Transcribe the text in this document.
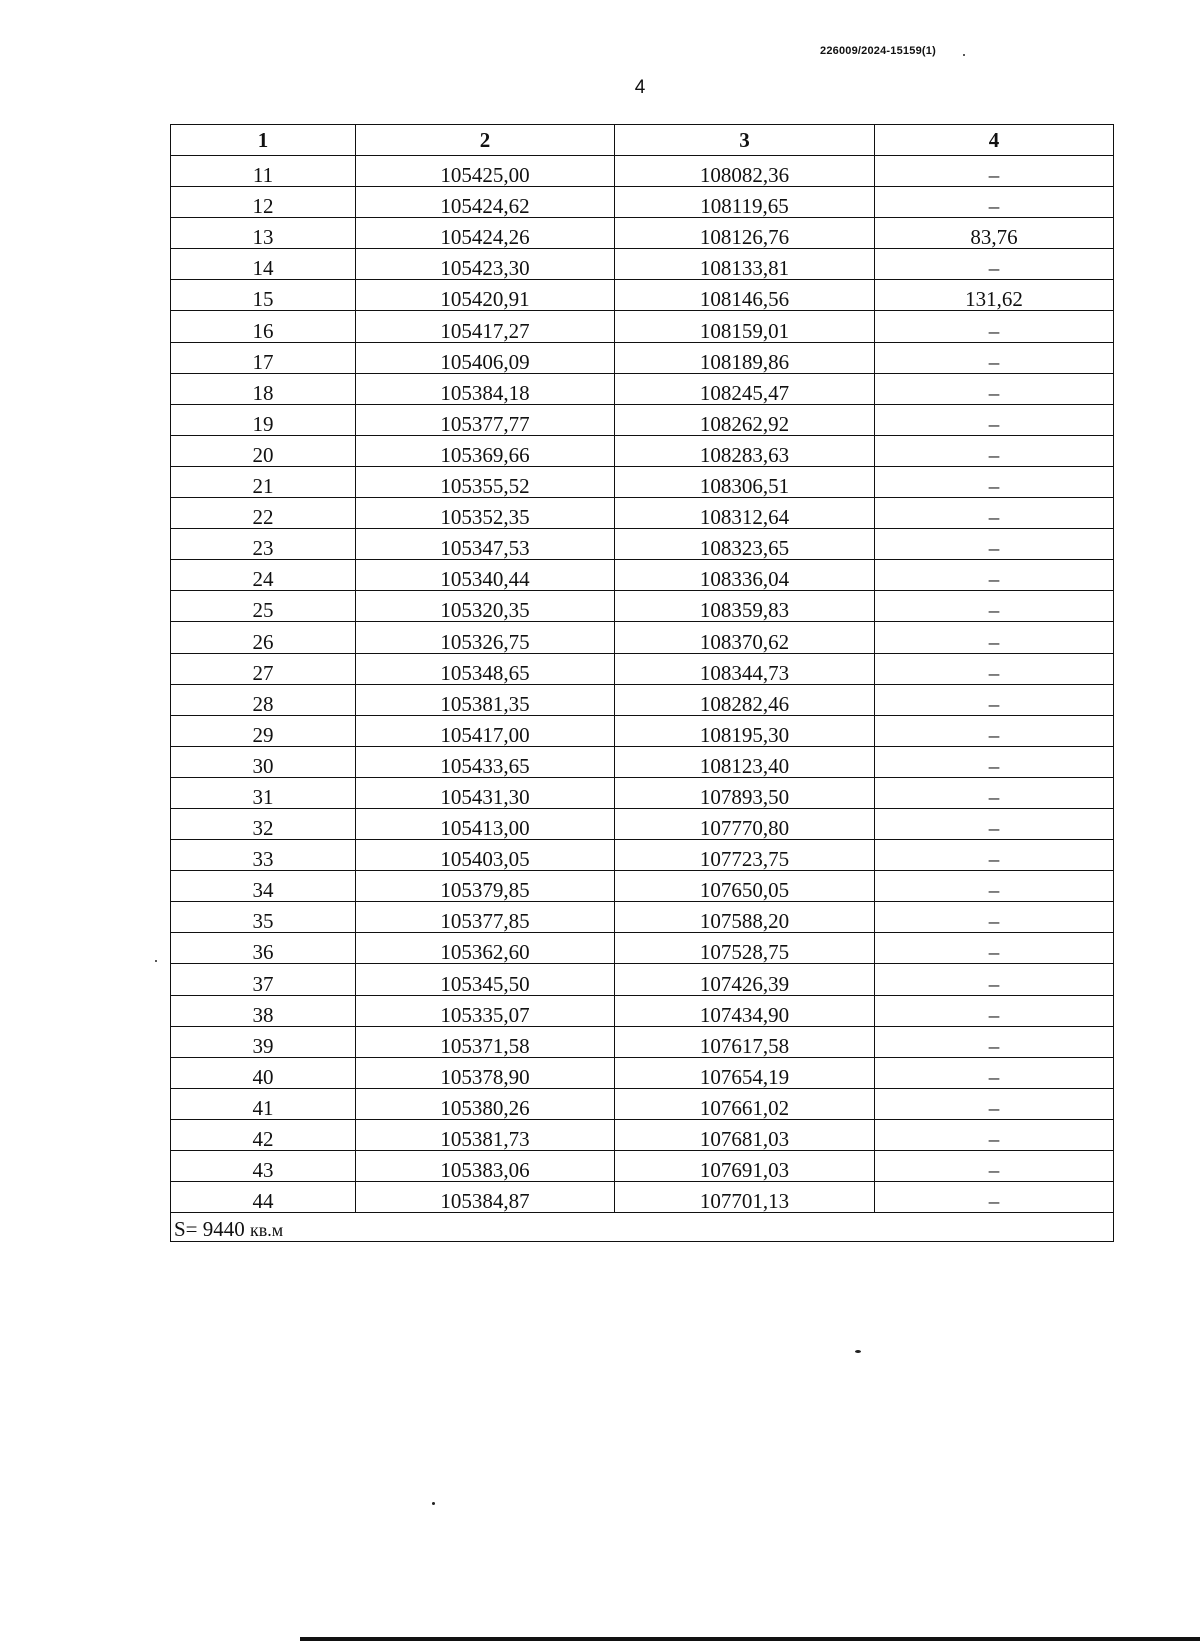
226009/2024-15159(1)
4
1	2	3	4
11	105425,00	108082,36	–
12	105424,62	108119,65	–
13	105424,26	108126,76	83,76
14	105423,30	108133,81	–
15	105420,91	108146,56	131,62
16	105417,27	108159,01	–
17	105406,09	108189,86	–
18	105384,18	108245,47	–
19	105377,77	108262,92	–
20	105369,66	108283,63	–
21	105355,52	108306,51	–
22	105352,35	108312,64	–
23	105347,53	108323,65	–
24	105340,44	108336,04	–
25	105320,35	108359,83	–
26	105326,75	108370,62	–
27	105348,65	108344,73	–
28	105381,35	108282,46	–
29	105417,00	108195,30	–
30	105433,65	108123,40	–
31	105431,30	107893,50	–
32	105413,00	107770,80	–
33	105403,05	107723,75	–
34	105379,85	107650,05	–
35	105377,85	107588,20	–
36	105362,60	107528,75	–
37	105345,50	107426,39	–
38	105335,07	107434,90	–
39	105371,58	107617,58	–
40	105378,90	107654,19	–
41	105380,26	107661,02	–
42	105381,73	107681,03	–
43	105383,06	107691,03	–
44	105384,87	107701,13	–
S= 9440 кв.м			
